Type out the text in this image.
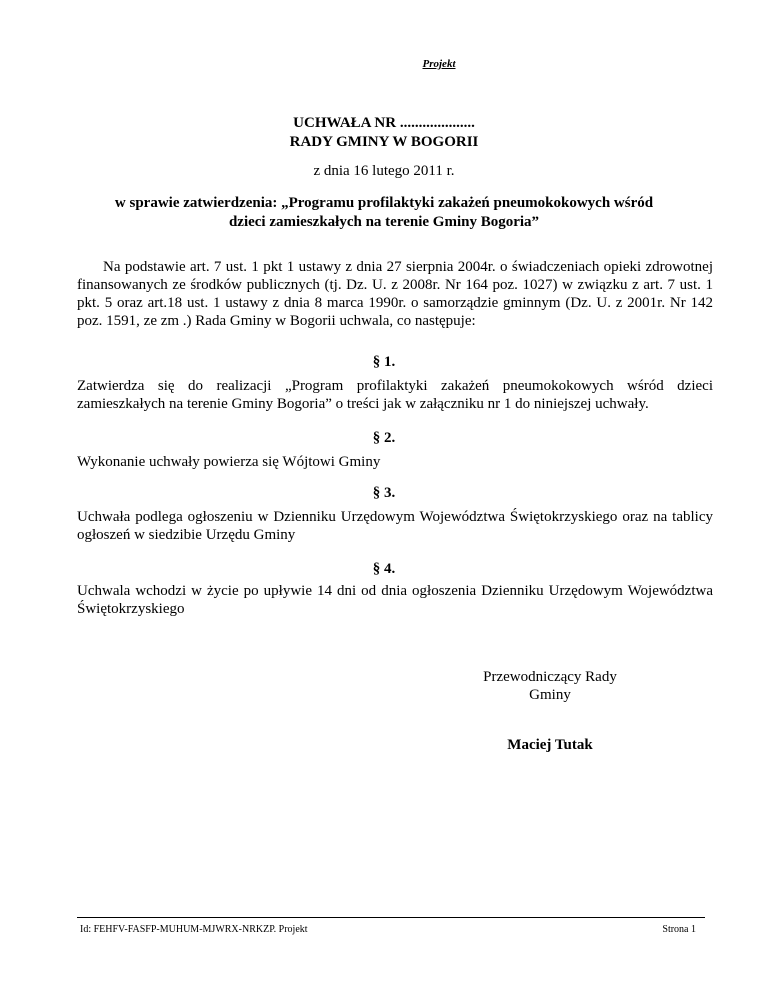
Projekt
UCHWAŁA NR ....................
RADY GMINY W BOGORII
z dnia 16 lutego 2011 r.
w sprawie zatwierdzenia: „Programu profilaktyki zakażeń pneumokokowych wśród dzieci zamieszkałych na terenie Gminy Bogoria”
Na podstawie art. 7 ust. 1 pkt 1 ustawy z dnia 27 sierpnia 2004r. o świadczeniach opieki zdrowotnej finansowanych ze środków publicznych (tj. Dz. U. z 2008r. Nr 164 poz. 1027) w związku z art. 7 ust. 1 pkt. 5 oraz art.18 ust. 1 ustawy z dnia 8 marca 1990r. o samorządzie gminnym (Dz. U. z 2001r. Nr 142 poz. 1591, ze zm .) Rada Gminy w Bogorii uchwala, co następuje:
§ 1.
Zatwierdza się do realizacji „Program profilaktyki zakażeń pneumokokowych wśród dzieci zamieszkałych na terenie Gminy Bogoria” o treści jak w załączniku nr 1 do niniejszej uchwały.
§ 2.
Wykonanie uchwały powierza się Wójtowi Gminy
§ 3.
Uchwała podlega ogłoszeniu w Dzienniku Urzędowym Województwa Świętokrzyskiego oraz na tablicy ogłoszeń w siedzibie Urzędu Gminy
§ 4.
Uchwala wchodzi w życie po upływie 14 dni od dnia ogłoszenia Dzienniku Urzędowym Województwa Świętokrzyskiego
Przewodniczący Rady
Gminy
Maciej Tutak
Id: FEHFV-FASFP-MUHUM-MJWRX-NRKZP. Projekt	Strona 1
